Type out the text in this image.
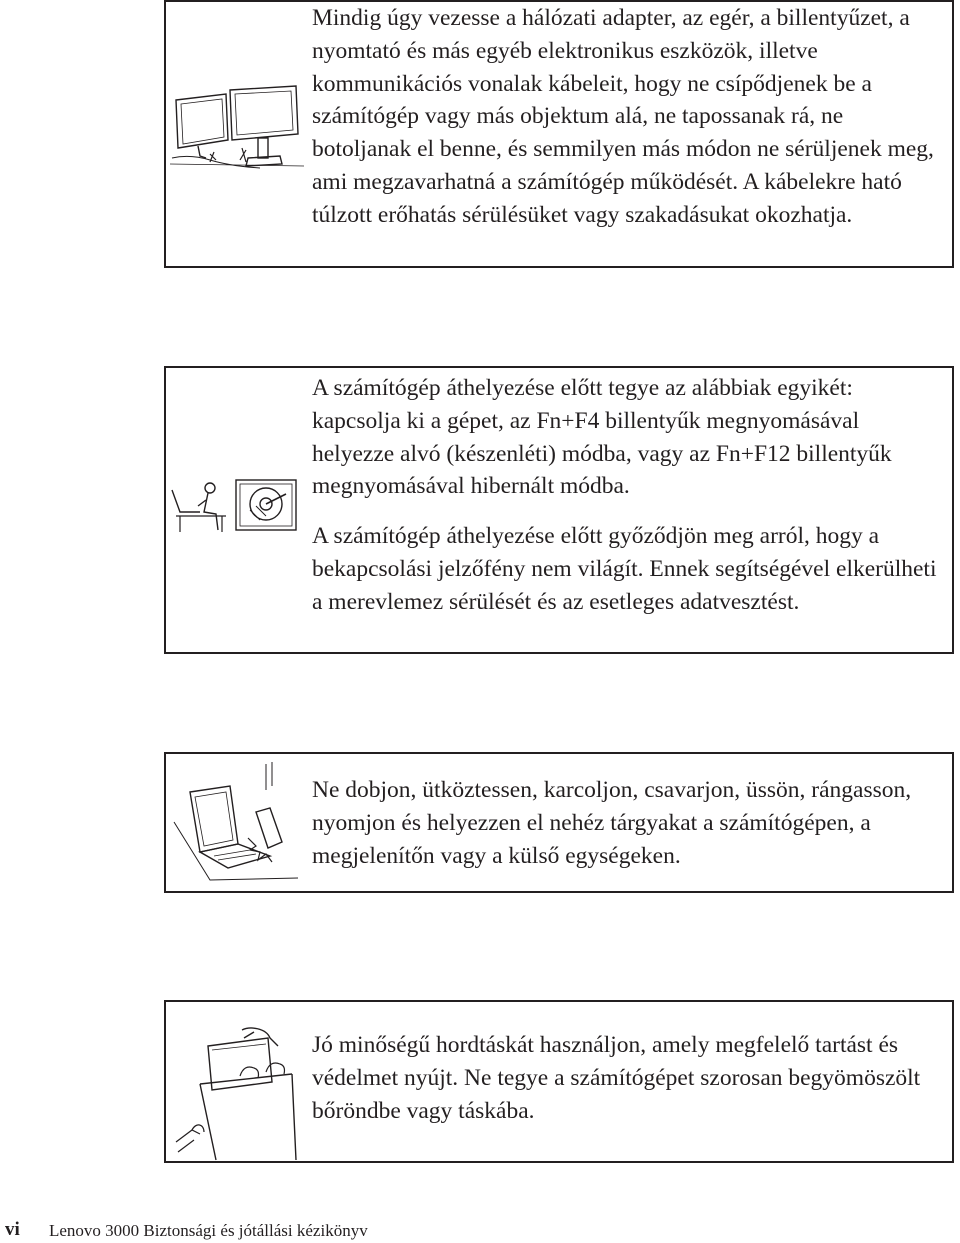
Mindig úgy vezesse a hálózati adapter, az egér, a billentyűzet, a nyomtató és más egyéb elektronikus eszközök, illetve kommunikációs vonalak kábeleit, hogy ne csípődjenek be a számítógép vagy más objektum alá, ne tapossanak rá, ne botoljanak el benne, és semmilyen más módon ne sérüljenek meg, ami megzavarhatná a számítógép működését. A kábelekre ható túlzott erőhatás sérülésüket vagy szakadásukat okozhatja.

A számítógép áthelyezése előtt tegye az alábbiak egyikét: kapcsolja ki a gépet, az Fn+F4 billentyűk megnyomásával helyezze alvó (készenléti) módba, vagy az Fn+F12 billentyűk megnyomásával hibernált módba.

A számítógép áthelyezése előtt győződjön meg arról, hogy a bekapcsolási jelzőfény nem világít. Ennek segítségével elkerülheti a merevlemez sérülését és az esetleges adatvesztést.

Ne dobjon, ütköztessen, karcoljon, csavarjon, üssön, rángasson, nyomjon és helyezzen el nehéz tárgyakat a számítógépen, a megjelenítőn vagy a külső egységeken.

Jó minőségű hordtáskát használjon, amely megfelelő tartást és védelmet nyújt. Ne tegye a számítógépet szorosan begyömöszölt bőröndbe vagy táskába.

vi Lenovo 3000 Biztonsági és jótállási kézikönyv
